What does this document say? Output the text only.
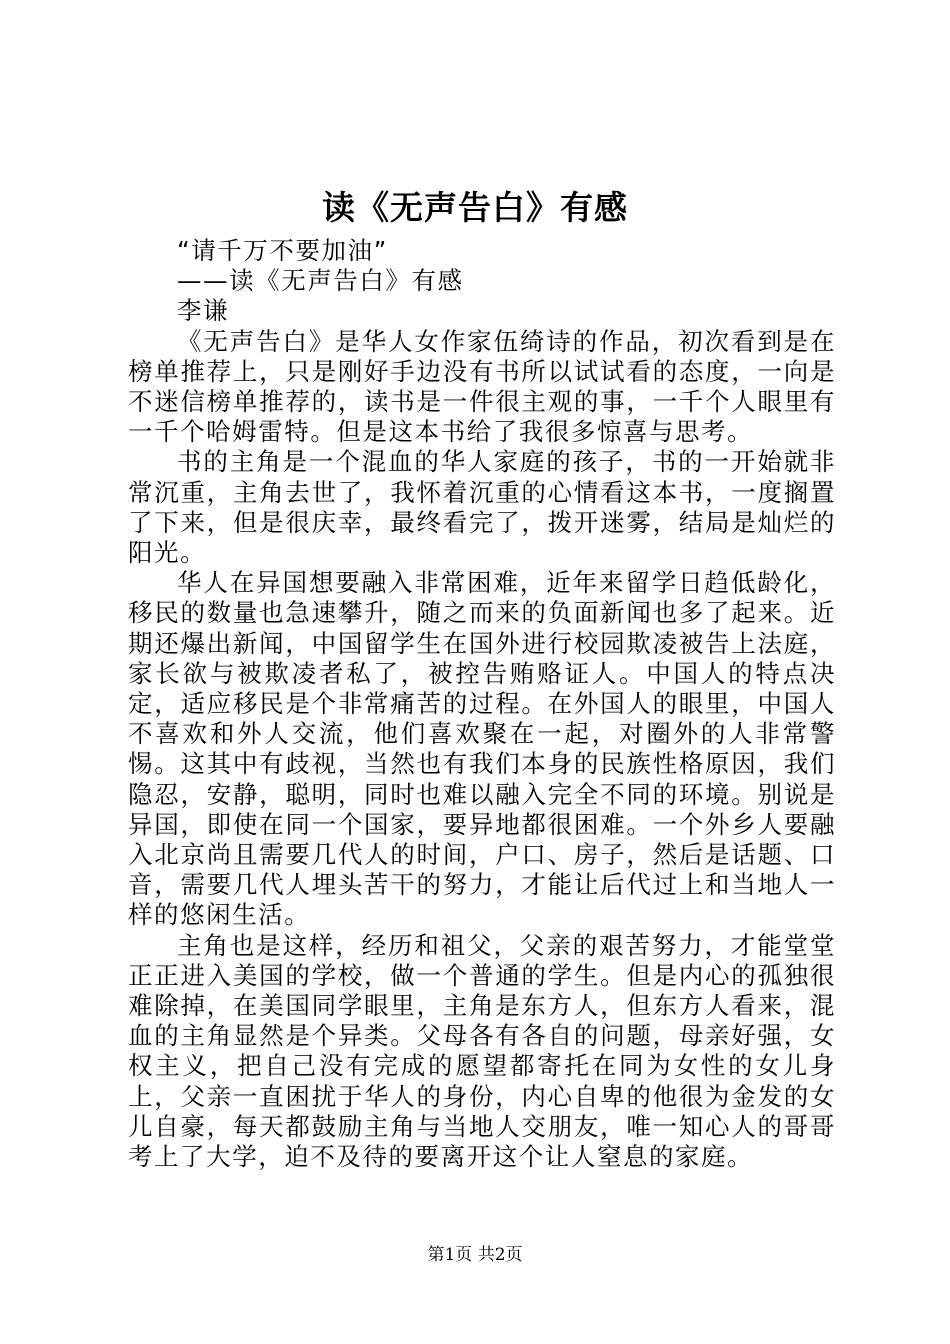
读《无声告白》有感

“请千万不要加油”

——读《无声告白》有感

李谦

《无声告白》是华人女作家伍绮诗的作品，初次看到是在榜单推荐上，只是刚好手边没有书所以试试看的态度，一向是不迷信榜单推荐的，读书是一件很主观的事，一千个人眼里有一千个哈姆雷特。但是这本书给了我很多惊喜与思考。

书的主角是一个混血的华人家庭的孩子，书的一开始就非常沉重，主角去世了，我怀着沉重的心情看这本书，一度搁置了下来，但是很庆幸，最终看完了，拨开迷雾，结局是灿烂的阳光。

华人在异国想要融入非常困难，近年来留学日趋低龄化，移民的数量也急速攀升，随之而来的负面新闻也多了起来。近期还爆出新闻，中国留学生在国外进行校园欺凌被告上法庭，家长欲与被欺凌者私了，被控告贿赂证人。中国人的特点决定，适应移民是个非常痛苦的过程。在外国人的眼里，中国人不喜欢和外人交流，他们喜欢聚在一起，对圈外的人非常警惕。这其中有歧视，当然也有我们本身的民族性格原因，我们隐忍，安静，聪明，同时也难以融入完全不同的环境。别说是异国，即使在同一个国家，要异地都很困难。一个外乡人要融入北京尚且需要几代人的时间，户口、房子，然后是话题、口音，需要几代人埋头苦干的努力，才能让后代过上和当地人一样的悠闲生活。

主角也是这样，经历和祖父，父亲的艰苦努力，才能堂堂正正进入美国的学校，做一个普通的学生。但是内心的孤独很难除掉，在美国同学眼里，主角是东方人，但东方人看来，混血的主角显然是个异类。父母各有各自的问题，母亲好强，女权主义，把自己没有完成的愿望都寄托在同为女性的女儿身上，父亲一直困扰于华人的身份，内心自卑的他很为金发的女儿自豪，每天都鼓励主角与当地人交朋友，唯一知心人的哥哥考上了大学，迫不及待的要离开这个让人窒息的家庭。

第1页 共2页
